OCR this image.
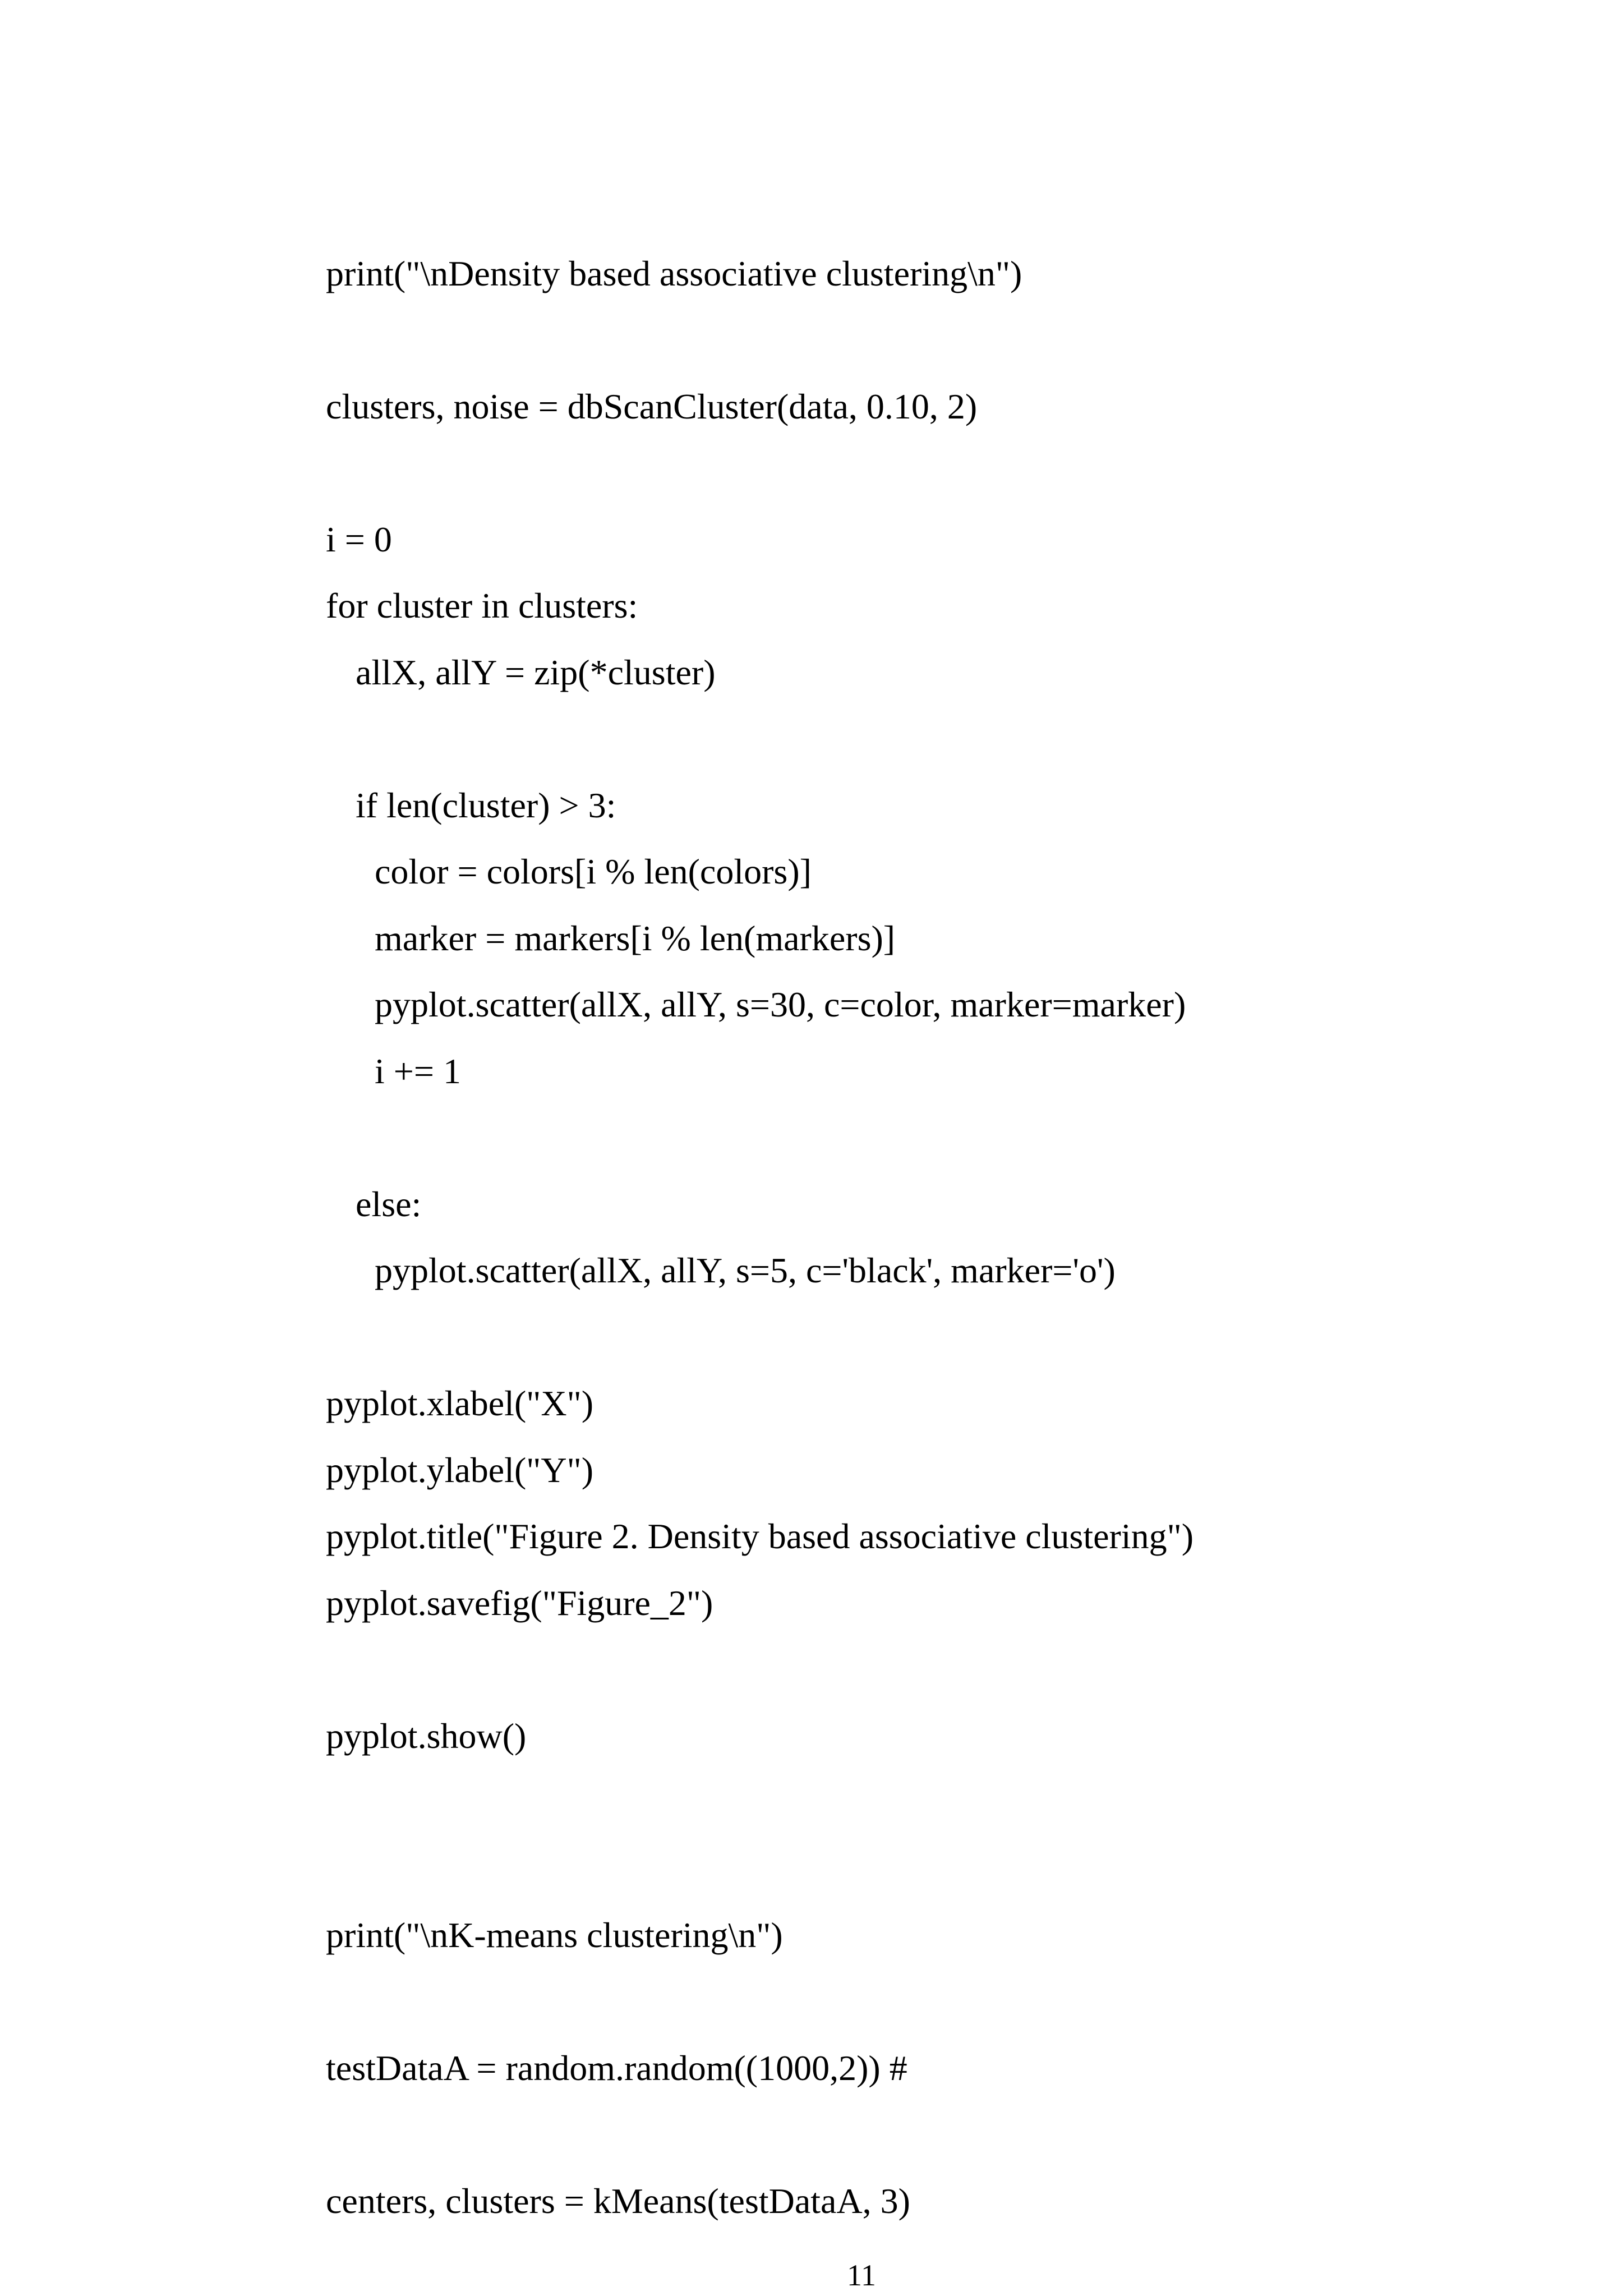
print("\nDensity based associative clustering\n")
clusters, noise = dbScanCluster(data, 0.10, 2)
i = 0
for cluster in clusters:
allX, allY = zip(*cluster)
if len(cluster) > 3:
color = colors[i % len(colors)]
marker = markers[i % len(markers)]
pyplot.scatter(allX, allY, s=30, c=color, marker=marker)
i += 1
else:
pyplot.scatter(allX, allY, s=5, c='black', marker='o')
pyplot.xlabel("X")
pyplot.ylabel("Y")
pyplot.title("Figure 2. Density based associative clustering")
pyplot.savefig("Figure_2")
pyplot.show()
print("\nK-means clustering\n")
testDataA = random.random((1000,2)) #
centers, clusters = kMeans(testDataA, 3)
11
